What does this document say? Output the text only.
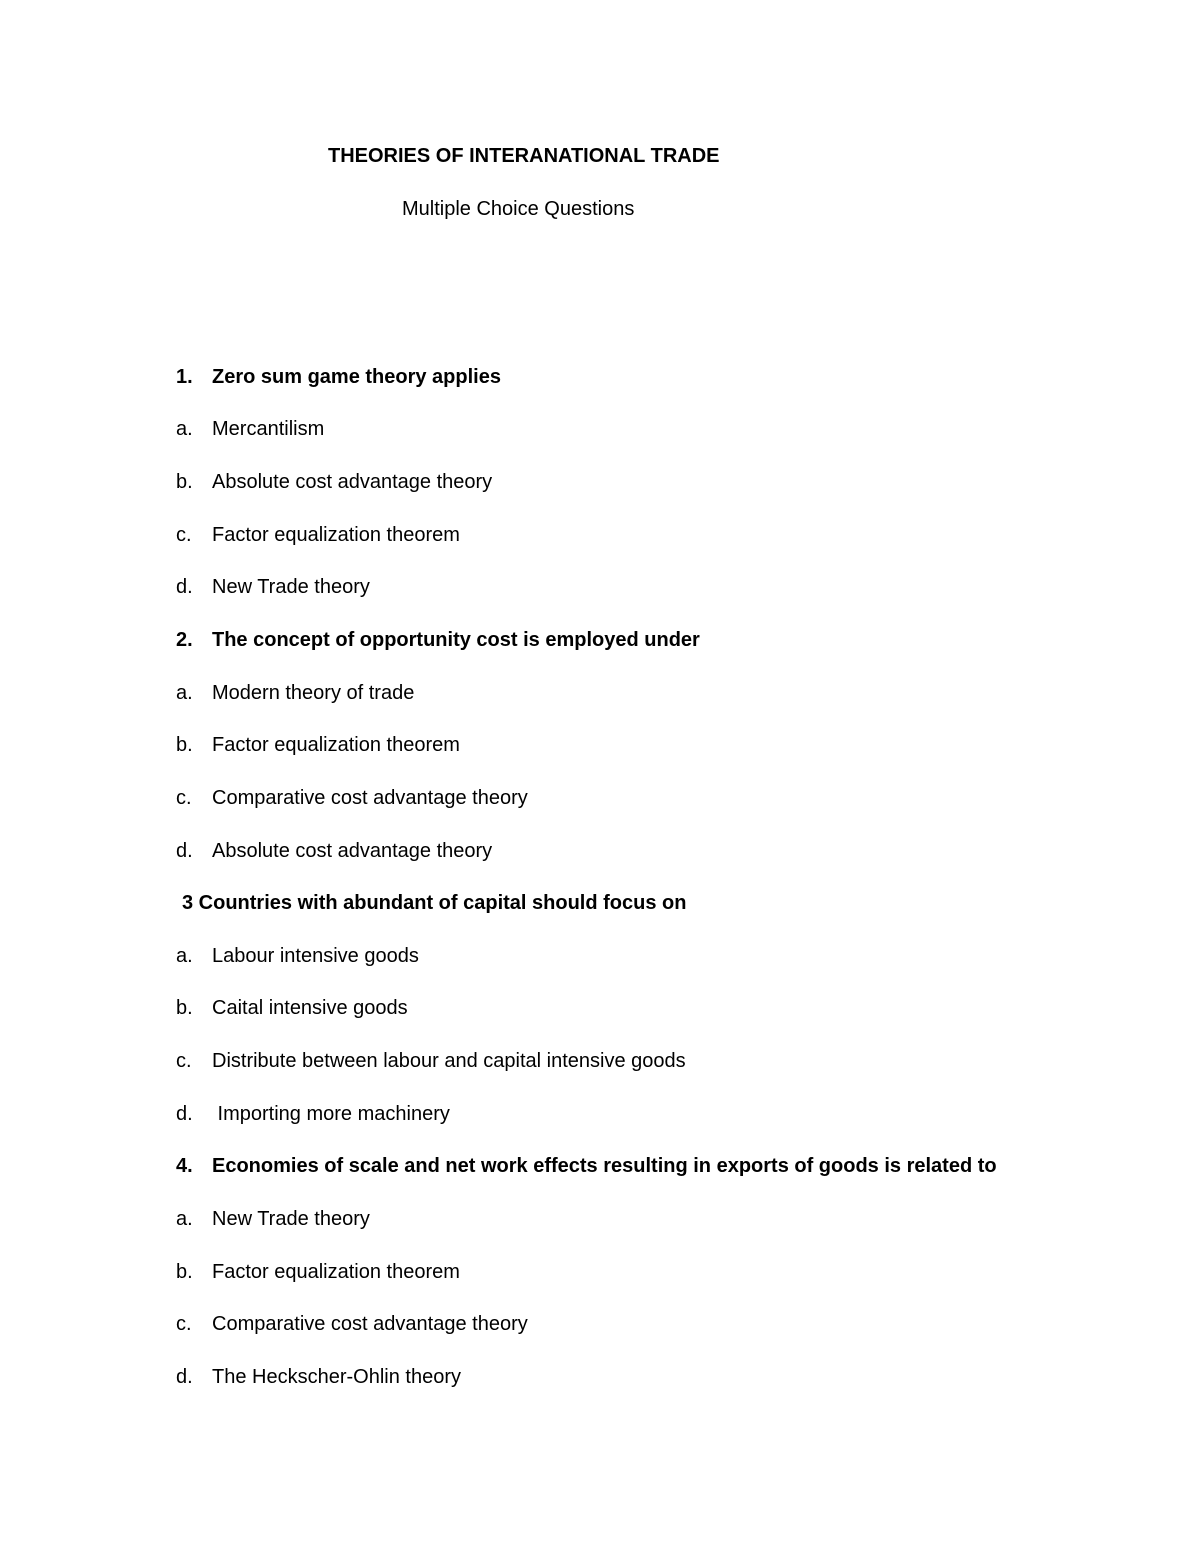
THEORIES OF INTERANATIONAL TRADE
Multiple Choice Questions
1. Zero sum game theory applies
a. Mercantilism
b. Absolute cost advantage theory
c. Factor equalization theorem
d. New Trade theory
2. The concept of opportunity cost is employed under
a. Modern theory of trade
b. Factor equalization theorem
c. Comparative cost advantage theory
d. Absolute cost advantage theory
3 Countries with abundant of capital should focus on
a. Labour intensive goods
b. Caital intensive goods
c. Distribute between labour and capital intensive goods
d. Importing more machinery
4. Economies of scale and net work effects resulting in exports of goods is related to
a. New Trade theory
b. Factor equalization theorem
c. Comparative cost advantage theory
d. The Heckscher-Ohlin theory
